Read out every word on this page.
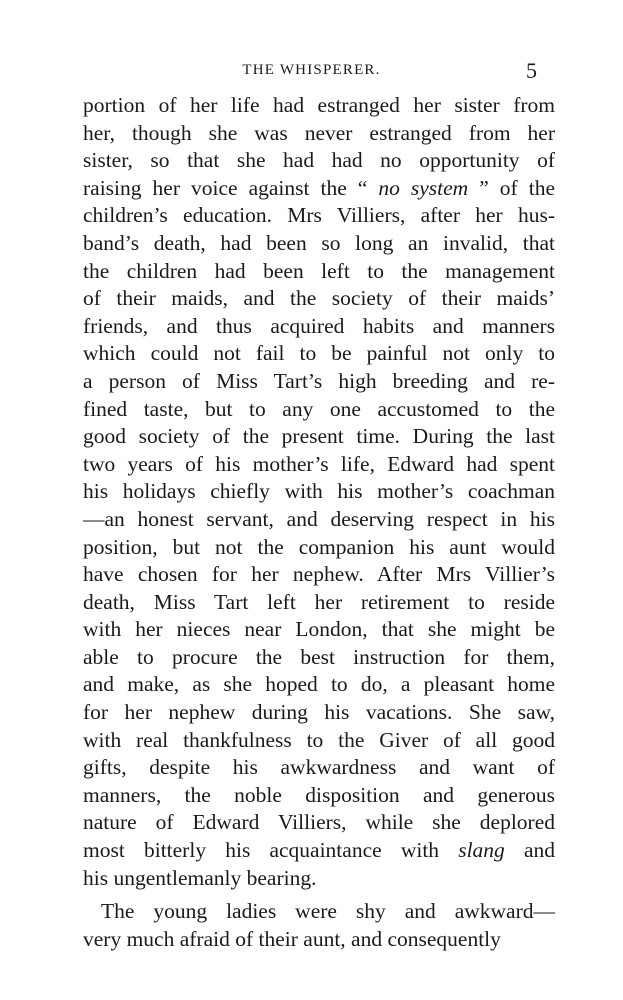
THE WHISPERER.	5
portion of her life had estranged her sister from
her, though she was never estranged from her
sister, so that she had had no opportunity of
raising her voice against the “ no system ” of the
children’s education. Mrs Villiers, after her hus-
band’s death, had been so long an invalid, that
the children had been left to the management
of their maids, and the society of their maids’
friends, and thus acquired habits and manners
which could not fail to be painful not only to
a person of Miss Tart’s high breeding and re-
fined taste, but to any one accustomed to the
good society of the present time. During the last
two years of his mother’s life, Edward had spent
his holidays chiefly with his mother’s coachman
—an honest servant, and deserving respect in his
position, but not the companion his aunt would
have chosen for her nephew. After Mrs Villier’s
death, Miss Tart left her retirement to reside
with her nieces near London, that she might be
able to procure the best instruction for them,
and make, as she hoped to do, a pleasant home
for her nephew during his vacations. She saw,
with real thankfulness to the Giver of all good
gifts, despite his awkwardness and want of
manners, the noble disposition and generous
nature of Edward Villiers, while she deplored
most bitterly his acquaintance with slang and
his ungentlemanly bearing.
The young ladies were shy and awkward—
very much afraid of their aunt, and consequently
